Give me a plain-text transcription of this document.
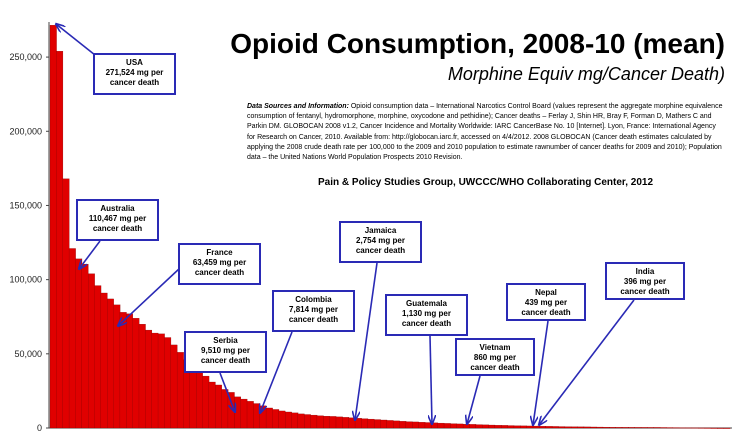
0
50,000
100,000
150,000
200,000
250,000	Opioid Consumption, 2008-10 (mean)
Morphine Equiv mg/Cancer Death)
Data Sources and Information: Opioid consumption data – International Narcotics Control Board (values represent the aggregate morphine equivalence consumption of fentanyl, hydromorphone, morphine, oxycodone and pethidine); Cancer deaths – Ferlay J, Shin HR, Bray F, Forman D, Mathers C and Parkin DM. GLOBOCAN 2008 v1.2, Cancer Incidence and Mortality Worldwide: IARC CancerBase No. 10 [Internet]. Lyon, France: International Agency for Research on Cancer, 2010. Available from: http://globocan.iarc.fr, accessed on 4/4/2012. 2008 GLOBOCAN (Cancer death estimates calculated by applying the 2008 crude death rate per 100,000 to the 2009 and 2010 population to estimate rawnumber of cancer deaths for 2009 and 2010); Population data – the United Nations World Population Prospects 2010 Revision.
Pain & Policy Studies Group, UWCCC/WHO Collaborating Center, 2012
USA
271,524 mg per
cancer death
Australia
110,467 mg per
cancer death
France
63,459 mg per
cancer death
Serbia
9,510 mg per
cancer death
Colombia
7,814 mg per
cancer death
Jamaica
2,754 mg per
cancer death
Guatemala
1,130 mg per
cancer death
Vietnam
860 mg per
cancer death
Nepal
439 mg per
cancer death
India
396 mg per
cancer death
